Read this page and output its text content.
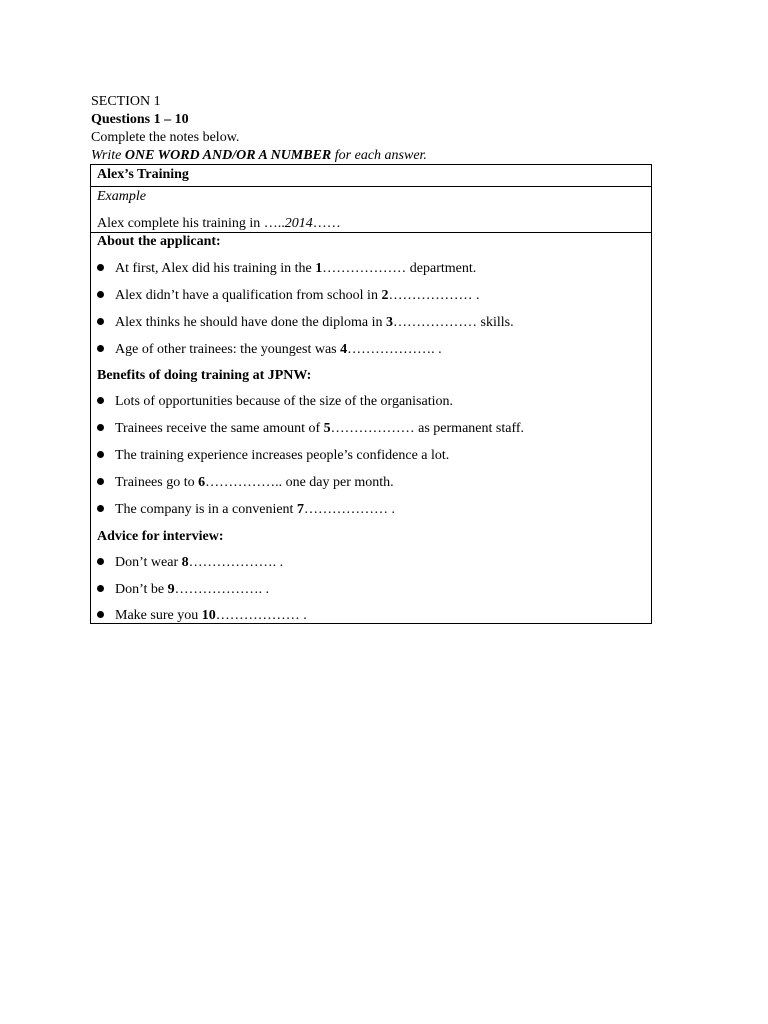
SECTION 1
Questions 1 – 10
Complete the notes below.
Write ONE WORD AND/OR A NUMBER for each answer.
Alex’s Training
Example
Alex complete his training in …..2014……
About the applicant:
At first, Alex did his training in the 1……………… department.
Alex didn’t have a qualification from school in 2……………… .
Alex thinks he should have done the diploma in 3……………… skills.
Age of other trainees: the youngest was 4………………. .
Benefits of doing training at JPNW:
Lots of opportunities because of the size of the organisation.
Trainees receive the same amount of 5……………… as permanent staff.
The training experience increases people’s confidence a lot.
Trainees go to 6…………….. one day per month.
The company is in a convenient 7……………… .
Advice for interview:
Don’t wear 8………………. .
Don’t be 9………………. .
Make sure you 10……………… .
